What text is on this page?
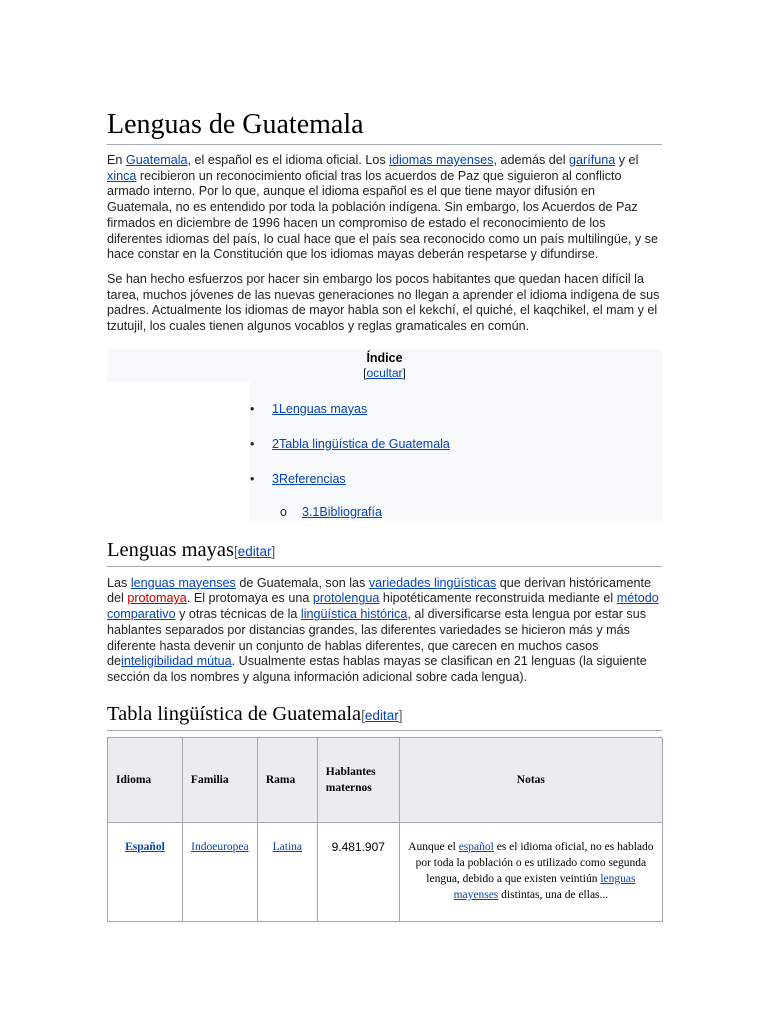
Lenguas de Guatemala

En Guatemala, el español es el idioma oficial. Los idiomas mayenses, además del garífuna y el xinca recibieron un reconocimiento oficial tras los acuerdos de Paz que siguieron al conflicto armado interno. Por lo que, aunque el idioma español es el que tiene mayor difusión en Guatemala, no es entendido por toda la población indígena. Sin embargo, los Acuerdos de Paz firmados en diciembre de 1996 hacen un compromiso de estado el reconocimiento de los diferentes idiomas del país, lo cual hace que el país sea reconocido como un país multilingüe, y se hace constar en la Constitución que los idiomas mayas deberán respetarse y difundirse.

Se han hecho esfuerzos por hacer sin embargo los pocos habitantes que quedan hacen difícil la tarea, muchos jóvenes de las nuevas generaciones no llegan a aprender el idioma indígena de sus padres. Actualmente los idiomas de mayor habla son el kekchí, el quiché, el kaqchikel, el mam y el tzutujil, los cuales tienen algunos vocablos y reglas gramaticales en común.

Índice
[ocultar]
• 1Lenguas mayas
• 2Tabla lingüística de Guatemala
• 3Referencias
o 3.1Bibliografía
Lenguas mayas[editar]

Las lenguas mayenses de Guatemala, son las variedades lingüísticas que derivan históricamente del protomaya. El protomaya es una protolengua hipotéticamente reconstruida mediante el método comparativo y otras técnicas de la lingüística histórica, al diversificarse esta lengua por estar sus hablantes separados por distancias grandes, las diferentes variedades se hicieron más y más diferente hasta devenir un conjunto de hablas diferentes, que carecen en muchos casos deinteligibilidad mútua. Usualmente estas hablas mayas se clasifican en 21 lenguas (la siguiente sección da los nombres y alguna información adicional sobre cada lengua).

Tabla lingüística de Guatemala[editar]
Idioma	Familia	Rama	Hablantes maternos	Notas
Español	Indoeuropea	Latina	9.481.907	Aunque el español es el idioma oficial, no es hablado por toda la población o es utilizado como segunda lengua, debido a que existen veintiún lenguas mayenses distintas, una de ellas...
